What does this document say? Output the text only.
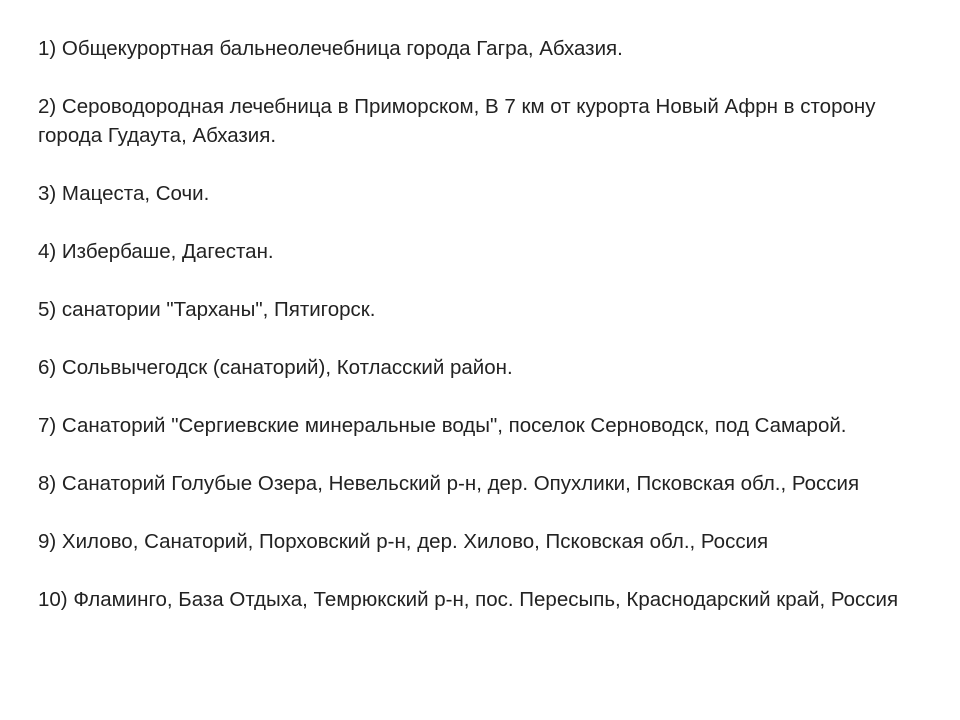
1) Общекурортная бальнеолечебница города Гагра, Абхазия.
2) Сероводородная лечебница в Приморском, В 7 км от курорта Новый Афрн в сторону города Гудаута, Абхазия.
3) Мацеста, Сочи.
4) Избербаше, Дагестан.
5) санатории "Тарханы", Пятигорск.
6) Сольвычегодск (санаторий), Котласский район.
7) Санаторий "Сергиевские минеральные воды", поселок Серноводск, под Самарой.
8) Санаторий Голубые Озера, Невельский р-н, дер. Опухлики, Псковская обл., Россия
9) Хилово, Санаторий, Порховский р-н, дер. Хилово, Псковская обл., Россия
10) Фламинго, База Отдыха, Темрюкский р-н, пос. Пересыпь, Краснодарский край, Россия
